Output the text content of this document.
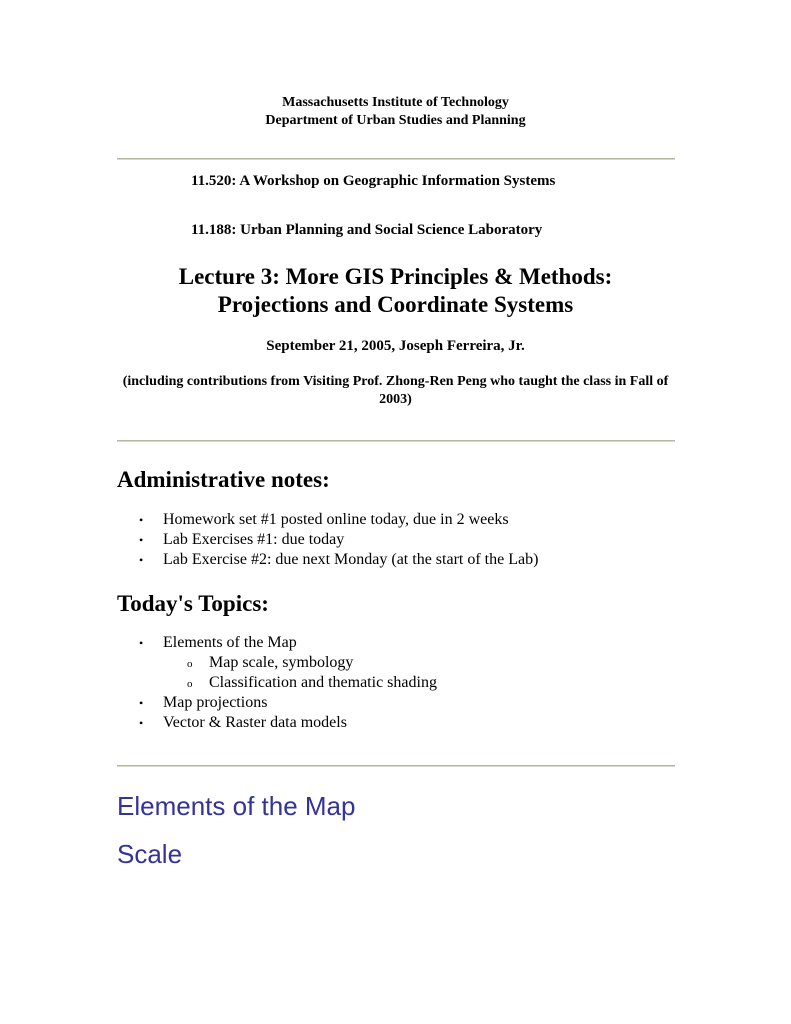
Massachusetts Institute of Technology
Department of Urban Studies and Planning
11.520: A Workshop on Geographic Information Systems
11.188: Urban Planning and Social Science Laboratory
Lecture 3: More GIS Principles & Methods:
Projections and Coordinate Systems
September 21, 2005, Joseph Ferreira, Jr.
(including contributions from Visiting Prof. Zhong-Ren Peng who taught the class in Fall of 2003)
Administrative notes:
• Homework set #1 posted online today, due in 2 weeks
• Lab Exercises #1: due today
• Lab Exercise #2: due next Monday (at the start of the Lab)
Today's Topics:
• Elements of the Map
o Map scale, symbology
o Classification and thematic shading
• Map projections
• Vector & Raster data models
Elements of the Map
Scale
